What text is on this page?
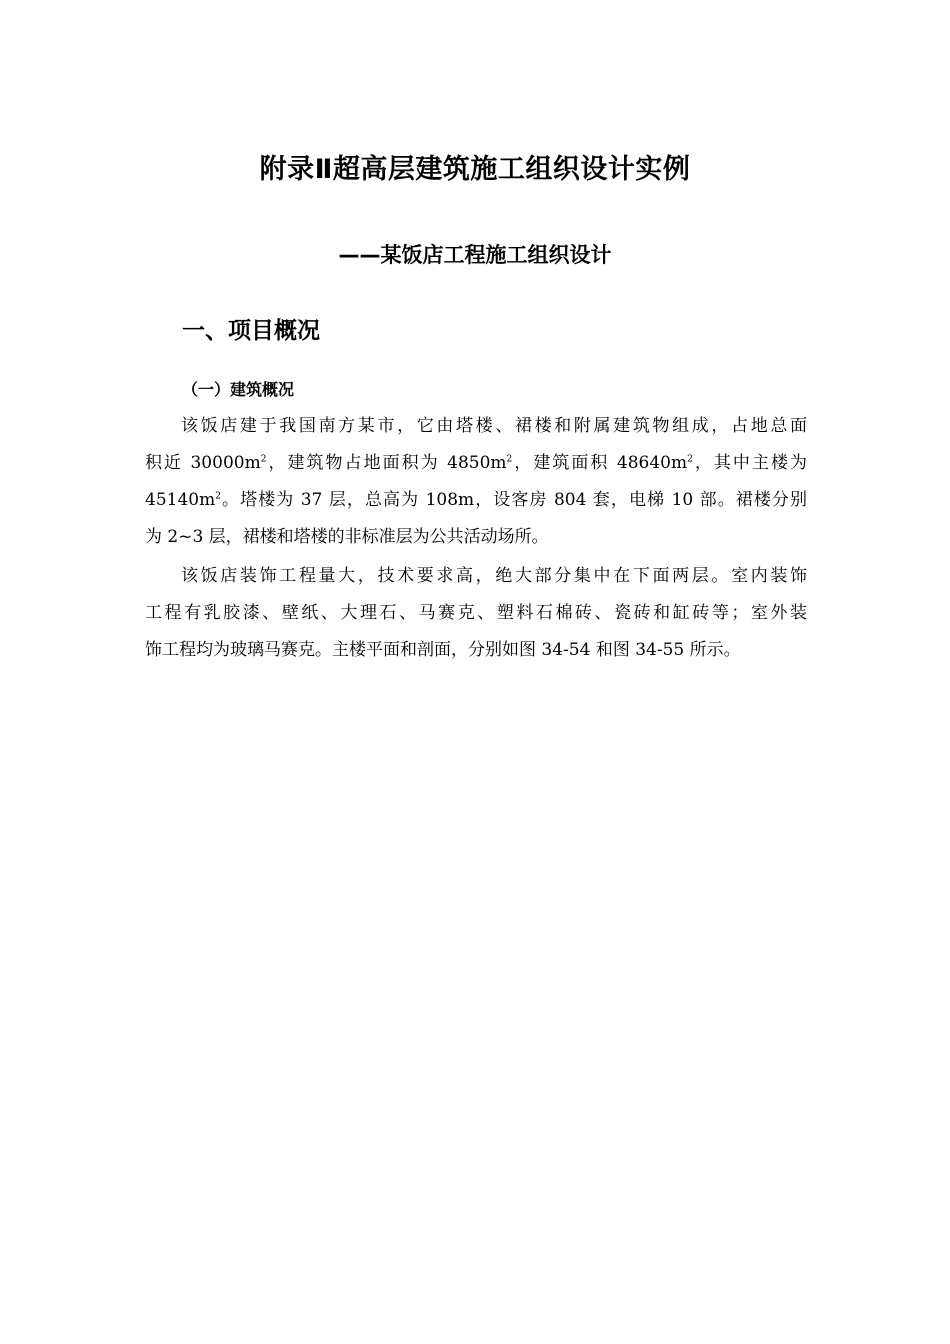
附录Ⅱ超高层建筑施工组织设计实例
——某饭店工程施工组织设计
一、项目概况
（一）建筑概况
该饭店建于我国南方某市，它由塔楼、裙楼和附属建筑物组成，占地总面
积近 $30000m^2$，建筑物占地面积为 $4850m^2$，建筑面积 $48640m^2$，其中主楼为
$45140m^2$。塔楼为 37 层，总高为 108m，设客房 804 套，电梯 10 部。裙楼分别
为 2~3 层，裙楼和塔楼的非标准层为公共活动场所。
该饭店装饰工程量大，技术要求高，绝大部分集中在下面两层。室内装饰
工程有乳胶漆、壁纸、大理石、马赛克、塑料石棉砖、瓷砖和缸砖等；室外装
饰工程均为玻璃马赛克。主楼平面和剖面，分别如图 34-54 和图 34-55 所示。
